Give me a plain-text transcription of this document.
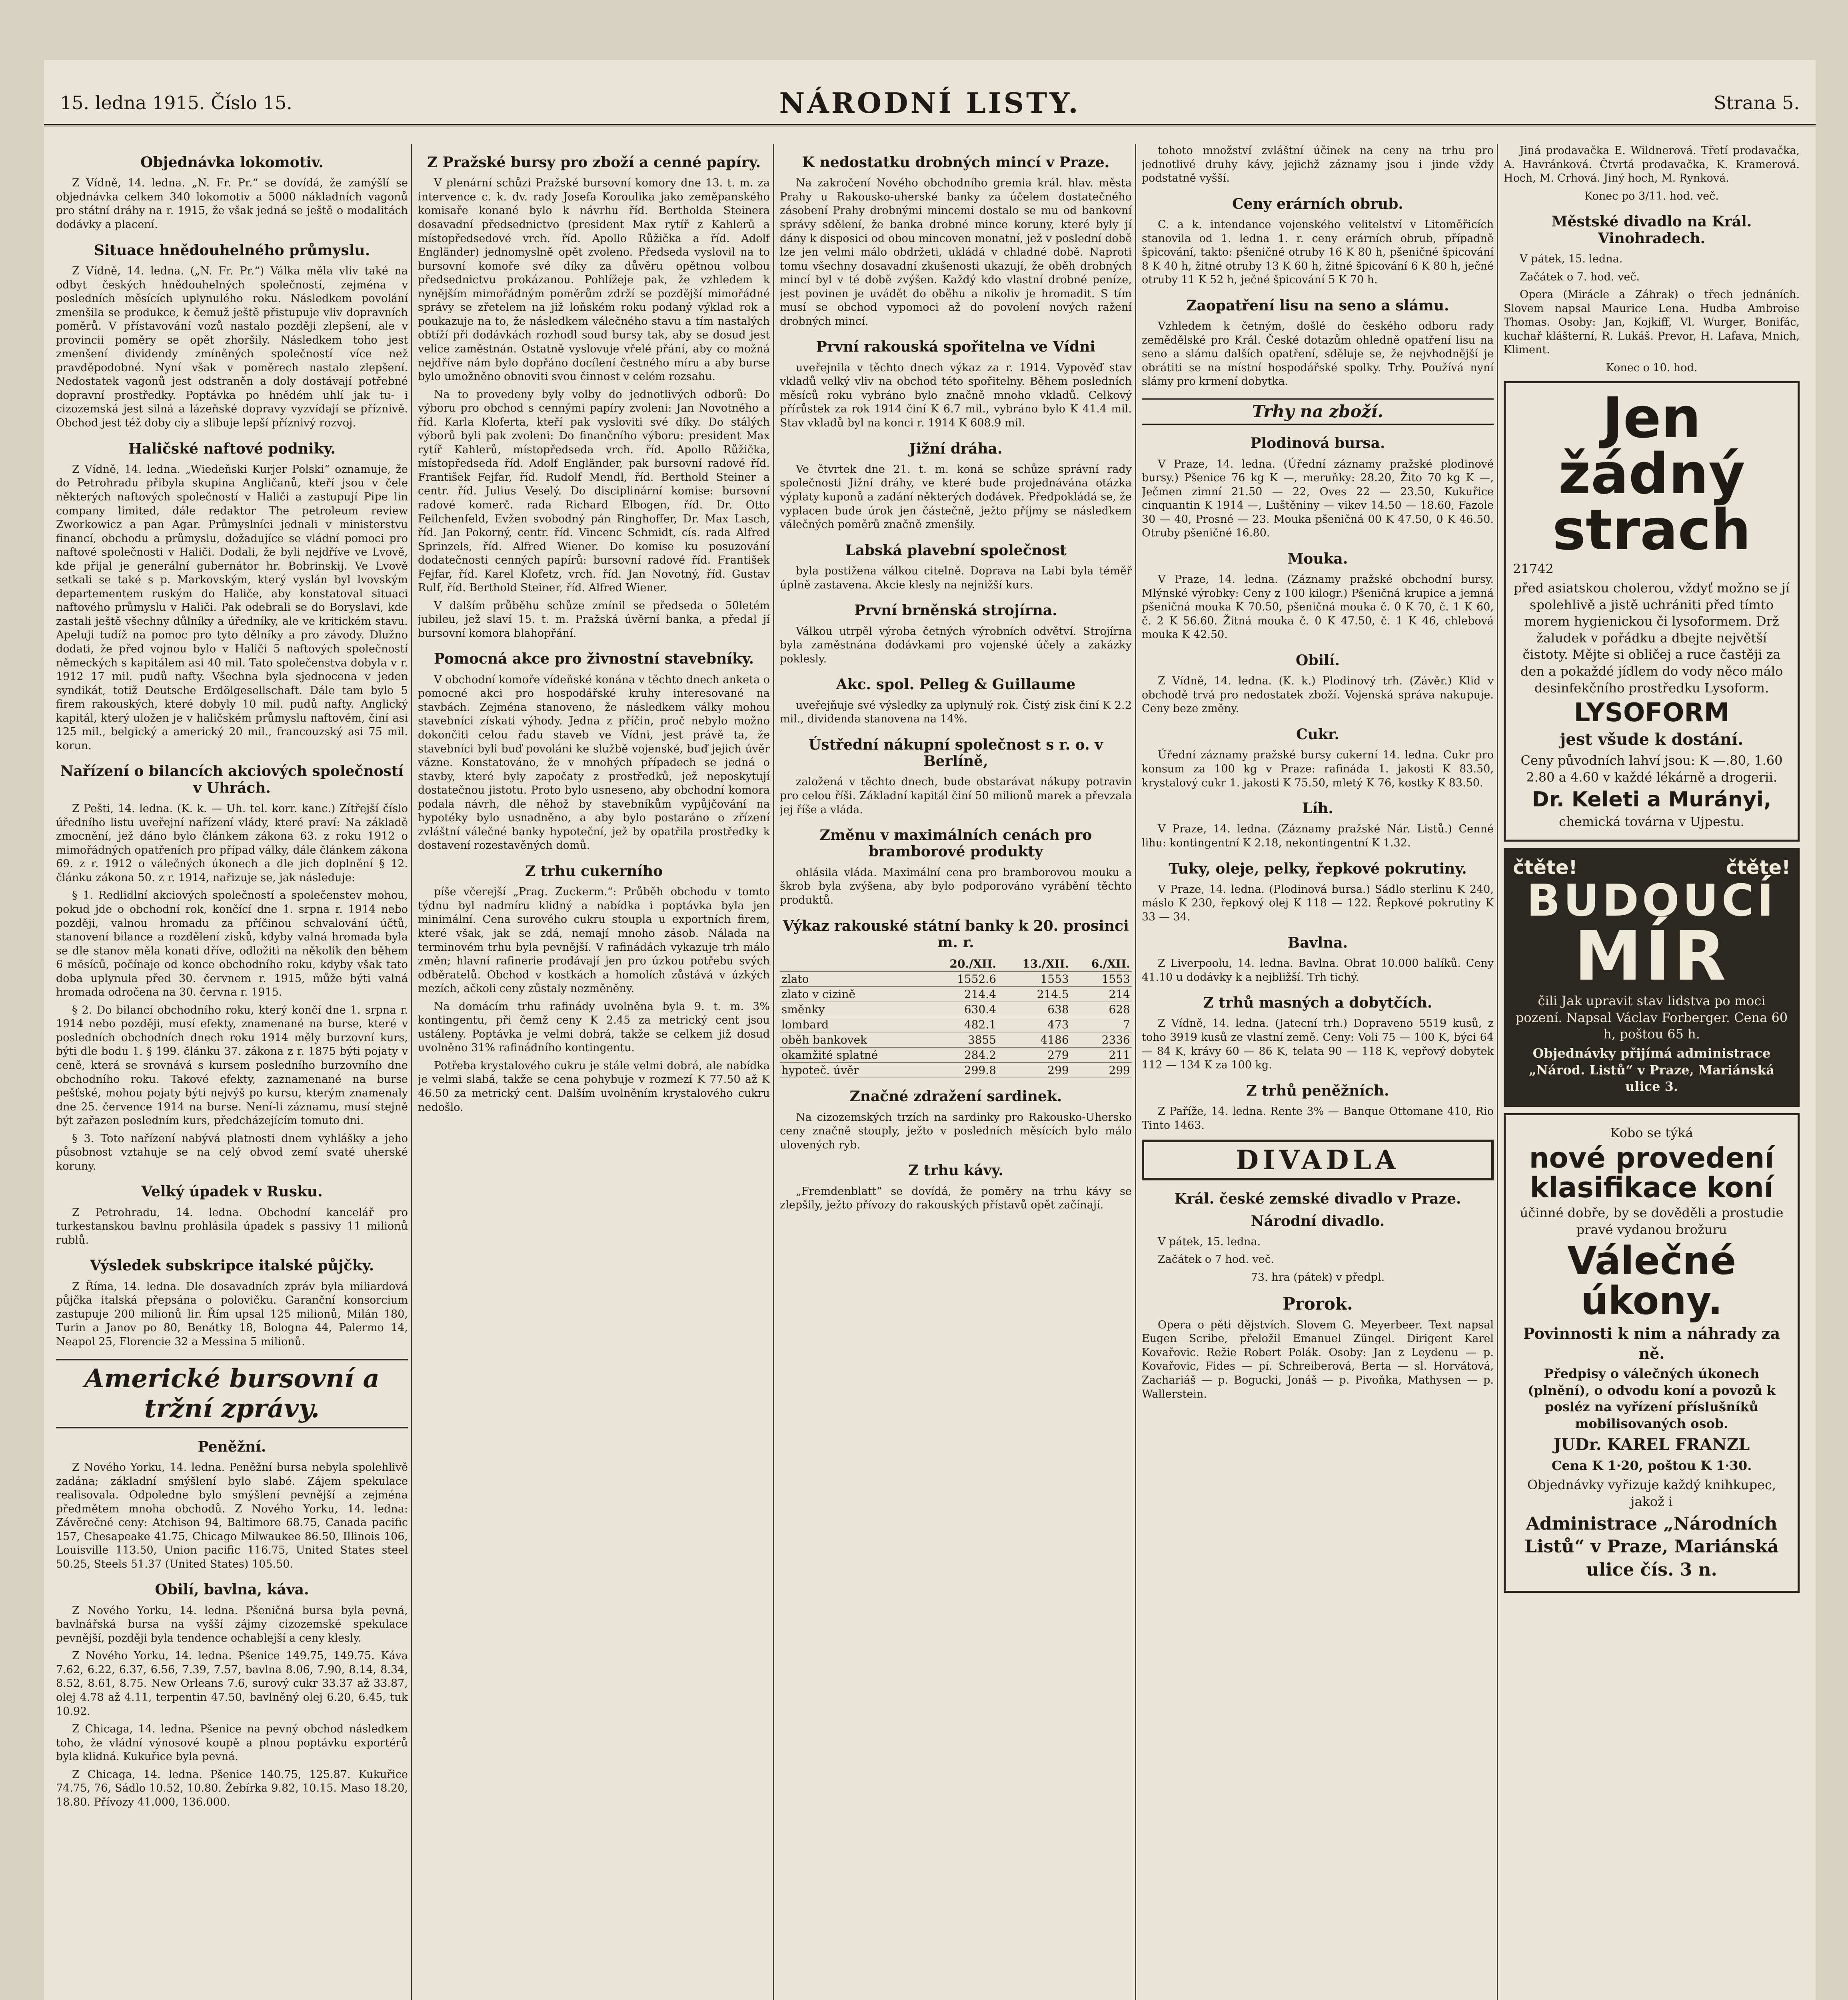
15. ledna 1915. Číslo 15.	NÁRODNÍ LISTY.	Strana 5.
Objednávka lokomotiv.

Z Vídně, 14. ledna. „N. Fr. Pr.“ se dovídá, že zamýšlí se objednávka celkem 340 lokomotiv a 5000 nákladních vagonů pro státní dráhy na r. 1915, že však jedná se ještě o modalitách dodávky a placení.

Situace hnědouhelného průmyslu.

Z Vídně, 14. ledna. („N. Fr. Pr.“) Válka měla vliv také na odbyt českých hnědouhelných společností, zejména v posledních měsících uplynulého roku. Následkem povolání zmenšila se produkce, k čemuž ještě přistupuje vliv dopravních poměrů. V přístavování vozů nastalo později zlepšení, ale v provincii poměry se opět zhoršily. Následkem toho jest zmenšení dividendy zmíněných společností více než pravděpodobné. Nyní však v poměrech nastalo zlepšení. Nedostatek vagonů jest odstraněn a doly dostávají potřebné dopravní prostředky. Poptávka po hnědém uhlí jak tu- i cizozemská jest silná a lázeňské dopravy vyzvídají se příznivě. Obchod jest též doby ciy a slibuje lepší příznivý rozvoj.

Haličské naftové podniky.

Z Vídně, 14. ledna. „Wiedeňski Kurjer Polski“ oznamuje, že do Petrohradu přibyla skupina Angličanů, kteří jsou v čele některých naftových společností v Haliči a zastupují Pipe lin company limited, dále redaktor The petroleum review Zworkowicz a pan Agar. Průmyslníci jednali v ministerstvu financí, obchodu a průmyslu, dožadujíce se vládní pomoci pro naftové společnosti v Haliči. Dodali, že byli nejdříve ve Lvově, kde přijal je generální gubernátor hr. Bobrinskij. Ve Lvově setkali se také s p. Markovským, který vyslán byl lvovským departementem ruským do Haliče, aby konstatoval situaci naftového průmyslu v Haliči. Pak odebrali se do Boryslavi, kde zastali ještě všechny důlníky a úředníky, ale ve kritickém stavu. Apeluji tudíž na pomoc pro tyto dělníky a pro závody. Dlužno dodati, že před vojnou bylo v Haliči 5 naftových společností německých s kapitálem asi 40 mil. Tato společenstva dobyla v r. 1912 17 mil. pudů nafty. Všechna byla sjednocena v jeden syndikát, totiž Deutsche Erdölgesellschaft. Dále tam bylo 5 firem rakouských, které dobyly 10 mil. pudů nafty. Anglický kapitál, který uložen je v haličském průmyslu naftovém, činí asi 125 mil., belgický a americký 20 mil., francouzský asi 75 mil. korun.

Nařízení o bilancích akciových společností v Uhrách.

Z Pešti, 14. ledna. (K. k. — Uh. tel. korr. kanc.) Zítřejší číslo úředního listu uveřejní nařízení vlády, které praví: Na základě zmocnění, jež dáno bylo článkem zákona 63. z roku 1912 o mimořádných opatřeních pro případ války, dále článkem zákona 69. z r. 1912 o válečných úkonech a dle jich doplnění § 12. článku zákona 50. z r. 1914, nařizuje se, jak následuje:

§ 1. Redlidlní akciových společností a společenstev mohou, pokud jde o obchodní rok, končící dne 1. srpna r. 1914 nebo později, valnou hromadu za příčinou schvalování účtů, stanovení bilance a rozdělení zisků, kdyby valná hromada byla se dle stanov měla konati dříve, odložiti na několik den během 6 měsíců, počínaje od konce obchodního roku, kdyby však tato doba uplynula před 30. červnem r. 1915, může býti valná hromada odročena na 30. června r. 1915.

§ 2. Do bilancí obchodního roku, který končí dne 1. srpna r. 1914 nebo později, musí efekty, znamenané na burse, které v posledních obchodních dnech roku 1914 měly burzovní kurs, býti dle bodu 1. § 199. článku 37. zákona z r. 1875 býti pojaty v ceně, která se srovnává s kursem posledního burzovního dne obchodního roku. Takové efekty, zaznamenané na burse pešťské, mohou pojaty býti nejvýš po kursu, kterým znamenaly dne 25. července 1914 na burse. Není-li záznamu, musí stejně být zařazen posledním kurs, předcházejícím tomuto dni.

§ 3. Toto nařízení nabývá platnosti dnem vyhlášky a jeho působnost vztahuje se na celý obvod zemí svaté uherské koruny.

Velký úpadek v Rusku.

Z Petrohradu, 14. ledna. Obchodní kancelář pro turkestanskou bavlnu prohlásila úpadek s passivy 11 milionů rublů.

Výsledek subskripce italské půjčky.

Z Říma, 14. ledna. Dle dosavadních zpráv byla miliardová půjčka italská přepsána o polovičku. Garanční konsorcium zastupuje 200 milionů lir. Řím upsal 125 milionů, Milán 180, Turin a Janov po 80, Benátky 18, Bologna 44, Palermo 14, Neapol 25, Florencie 32 a Messina 5 milionů.

Americké bursovní a tržní zprávy.
Peněžní.

Z Nového Yorku, 14. ledna. Peněžní bursa nebyla spolehlivě zadána; základní smýšlení bylo slabé. Zájem spekulace realisovala. Odpoledne bylo smýšlení pevnější a zejména předmětem mnoha obchodů. Z Nového Yorku, 14. ledna: Závěrečné ceny: Atchison 94, Baltimore 68.75, Canada pacific 157, Chesapeake 41.75, Chicago Milwaukee 86.50, Illinois 106, Louisville 113.50, Union pacific 116.75, United States steel 50.25, Steels 51.37 (United States) 105.50.

Obilí, bavlna, káva.

Z Nového Yorku, 14. ledna. Pšeničná bursa byla pevná, bavlnářská bursa na vyšší zájmy cizozemské spekulace pevnější, později byla tendence ochablejší a ceny klesly.

Z Nového Yorku, 14. ledna. Pšenice 149.75, 149.75. Káva 7.62, 6.22, 6.37, 6.56, 7.39, 7.57, bavlna 8.06, 7.90, 8.14, 8.34, 8.52, 8.61, 8.75. New Orleans 7.6, surový cukr 33.37 až 33.87, olej 4.78 až 4.11, terpentin 47.50, bavlněný olej 6.20, 6.45, tuk 10.92.

Z Chicaga, 14. ledna. Pšenice na pevný obchod následkem toho, že vládní výnosové koupě a plnou poptávku exportérů byla klidná. Kukuřice byla pevná.

Z Chicaga, 14. ledna. Pšenice 140.75, 125.87. Kukuřice 74.75, 76, Sádlo 10.52, 10.80. Žebírka 9.82, 10.15. Maso 18.20, 18.80. Přívozy 41.000, 136.000.

Z Pražské bursy pro zboží a cenné papíry.

V plenární schůzi Pražské bursovní komory dne 13. t. m. za intervence c. k. dv. rady Josefa Koroulika jako zeměpanského komisaře konané bylo k návrhu říd. Bertholda Steinera dosavadní předsednictvo (president Max rytíř z Kahlerů a místopředsedové vrch. říd. Apollo Růžička a říd. Adolf Engländer) jednomyslně opět zvoleno. Předseda vyslovil na to bursovní komoře své díky za důvěru opětnou volbou předsednictvu prokázanou. Pohlížeje pak, že vzhledem k nynějším mimořádným poměrům zdrží se pozdější mimořádné správy se zřetelem na již loňském roku podaný výklad rok a poukazuje na to, že následkem válečného stavu a tím nastalých obtíží při dodávkách rozhodl soud bursy tak, aby se dosud jest velice zaměstnán. Ostatně vyslovuje vřelé přání, aby co možná nejdříve nám bylo dopřáno docílení čestného míru a aby burse bylo umožněno obnoviti svou činnost v celém rozsahu.

Na to provedeny byly volby do jednotlivých odborů: Do výboru pro obchod s cennými papíry zvoleni: Jan Novotného a říd. Karla Kloferta, kteří pak vysloviti své díky. Do stálých výborů byli pak zvoleni: Do finančního výboru: president Max rytíř Kahlerů, místopředseda vrch. říd. Apollo Růžička, místopředseda říd. Adolf Engländer, pak bursovní radové říd. František Fejfar, říd. Rudolf Mendl, říd. Berthold Steiner a centr. říd. Julius Veselý. Do disciplinární komise: bursovní radové komerč. rada Richard Elbogen, říd. Dr. Otto Feilchenfeld, Evžen svobodný pán Ringhoffer, Dr. Max Lasch, říd. Jan Pokorný, centr. říd. Vincenc Schmidt, cís. rada Alfred Sprinzels, říd. Alfred Wiener. Do komise ku posuzování dodatečnosti cenných papírů: bursovní radové říd. František Fejfar, říd. Karel Klofetz, vrch. říd. Jan Novotný, říd. Gustav Rulf, říd. Berthold Steiner, říd. Alfred Wiener.

V dalším průběhu schůze zmínil se předseda o 50letém jubileu, jež slaví 15. t. m. Pražská úvěrní banka, a předal jí bursovní komora blahopřání.

Pomocná akce pro živnostní stavebníky.

V obchodní komoře vídeňské konána v těchto dnech anketa o pomocné akci pro hospodářské kruhy interesované na stavbách. Zejména stanoveno, že následkem války mohou stavebníci získati výhody. Jedna z příčin, proč nebylo možno dokončiti celou řadu staveb ve Vídni, jest právě ta, že stavebníci byli buď povoláni ke službě vojenské, buď jejich úvěr vázne. Konstatováno, že v mnohých případech se jedná o stavby, které byly započaty z prostředků, jež neposkytují dostatečnou jistotu. Proto bylo usneseno, aby obchodní komora podala návrh, dle něhož by stavebníkům vypůjčování na hypotéky bylo usnadněno, a aby bylo postaráno o zřízení zvláštní válečné banky hypoteční, jež by opatřila prostředky k dostavení rozestavěných domů.

Z trhu cukerního

píše včerejší „Prag. Zuckerm.“: Průběh obchodu v tomto týdnu byl nadmíru klidný a nabídka i poptávka byla jen minimální. Cena surového cukru stoupla u exportních firem, které však, jak se zdá, nemají mnoho zásob. Nálada na terminovém trhu byla pevnější. V rafinádách vykazuje trh málo změn; hlavní rafinerie prodávají jen pro úzkou potřebu svých odběratelů. Obchod v kostkách a homolích zůstává v úzkých mezích, ačkoli ceny zůstaly nezměněny.

Na domácím trhu rafinády uvolněna byla 9. t. m. 3% kontingentu, při čemž ceny K 2.45 za metrický cent jsou ustáleny. Poptávka je velmi dobrá, takže se celkem již dosud uvolněno 31% rafinádního kontingentu.

Potřeba krystalového cukru je stále velmi dobrá, ale nabídka je velmi slabá, takže se cena pohybuje v rozmezí K 77.50 až K 46.50 za metrický cent. Dalším uvolněním krystalového cukru nedošlo.

K nedostatku drobných mincí v Praze.

Na zakročení Nového obchodního gremia král. hlav. města Prahy u Rakousko-uherské banky za účelem dostatečného zásobení Prahy drobnými mincemi dostalo se mu od bankovní správy sdělení, že banka drobné mince koruny, které byly jí dány k disposici od obou mincoven monatní, jež v poslední době lze jen velmi málo obdržeti, ukládá v chladné době. Naproti tomu všechny dosavadní zkušenosti ukazují, že oběh drobných mincí byl v té době zvýšen. Každý kdo vlastní drobné peníze, jest povinen je uvádět do oběhu a nikoliv je hromadit. S tím musí se obchod vypomoci až do povolení nových ražení drobných mincí.

První rakouská spořitelna ve Vídni

uveřejnila v těchto dnech výkaz za r. 1914. Vypověď stav vkladů velký vliv na obchod této spořitelny. Během posledních měsíců roku vybráno bylo značně mnoho vkladů. Celkový přírůstek za rok 1914 činí K 6.7 mil., vybráno bylo K 41.4 mil. Stav vkladů byl na konci r. 1914 K 608.9 mil.

Jižní dráha.

Ve čtvrtek dne 21. t. m. koná se schůze správní rady společnosti Jižní dráhy, ve které bude projednávána otázka výplaty kuponů a zadání některých dodávek. Předpokládá se, že vyplacen bude úrok jen částečně, ježto příjmy se následkem válečných poměrů značně zmenšily.

Labská plavební společnost

byla postižena válkou citelně. Doprava na Labi byla téměř úplně zastavena. Akcie klesly na nejnižší kurs.

První brněnská strojírna.

Válkou utrpěl výroba četných výrobních odvětví. Strojírna byla zaměstnána dodávkami pro vojenské účely a zakázky poklesly.

Akc. spol. Pelleg & Guillaume

uveřejňuje své výsledky za uplynulý rok. Čistý zisk činí K 2.2 mil., dividenda stanovena na 14%.

Ústřední nákupní společnost s r. o. v Berlíně,

založená v těchto dnech, bude obstarávat nákupy potravin pro celou říši. Základní kapitál činí 50 milionů marek a převzala jej říše a vláda.

Změnu v maximálních cenách pro bramborové produkty

ohlásila vláda. Maximální cena pro bramborovou mouku a škrob byla zvýšena, aby bylo podporováno vyrábění těchto produktů.

Výkaz rakouské státní banky k 20. prosinci m. r.
	20./XII.	13./XII.	6./XII.
zlato	1552.6	1553	1553
zlato v cizině	214.4	214.5	214
směnky	630.4	638	628
lombard	482.1	473	7
oběh bankovek	3855	4186	2336
okamžité splatné	284.2	279	211
hypoteč. úvěr	299.8	299	299
Značné zdražení sardinek.

Na cizozemských trzích na sardinky pro Rakousko-Uhersko ceny značně stouply, ježto v posledních měsících bylo málo ulovených ryb.

Z trhu kávy.

„Fremdenblatt“ se dovídá, že poměry na trhu kávy se zlepšily, ježto přívozy do rakouských přístavů opět začínají.

tohoto množství zvláštní účinek na ceny na trhu pro jednotlivé druhy kávy, jejichž záznamy jsou i jinde vždy podstatně vyšší.

Ceny erárních obrub.

C. a k. intendance vojenského velitelství v Litoměřicích stanovila od 1. ledna 1. r. ceny erárních obrub, případně špicování, takto: pšeničné otruby 16 K 80 h, pšeničné špicování 8 K 40 h, žitné otruby 13 K 60 h, žitné špicování 6 K 80 h, ječné otruby 11 K 52 h, ječné špicování 5 K 70 h.

Zaopatření lisu na seno a slámu.

Vzhledem k četným, došlé do českého odboru rady zemědělské pro Král. České dotazům ohledně opatření lisu na seno a slámu dalších opatření, sděluje se, že nejvhodnější je obrátiti se na místní hospodářské spolky. Trhy. Používá nyní slámy pro krmení dobytka.

Trhy na zboží.
Plodinová bursa.

V Praze, 14. ledna. (Úřední záznamy pražské plodinové bursy.) Pšenice 76 kg K —, meruňky: 28.20, Žito 70 kg K —, Ječmen zimní 21.50 — 22, Oves 22 — 23.50, Kukuřice cinquantin K 1914 —, Luštěniny — vikev 14.50 — 18.60, Fazole 30 — 40, Prosné — 23. Mouka pšeničná 00 K 47.50, 0 K 46.50. Otruby pšeničné 16.80.

Mouka.

V Praze, 14. ledna. (Záznamy pražské obchodní bursy. Mlýnské výrobky: Ceny z 100 kilogr.) Pšeničná krupice a jemná pšeničná mouka K 70.50, pšeničná mouka č. 0 K 70, č. 1 K 60, č. 2 K 56.60. Žitná mouka č. 0 K 47.50, č. 1 K 46, chlebová mouka K 42.50.

Obilí.

Z Vídně, 14. ledna. (K. k.) Plodinový trh. (Závěr.) Klid v obchodě trvá pro nedostatek zboží. Vojenská správa nakupuje. Ceny beze změny.

Cukr.

Úřední záznamy pražské bursy cukerní 14. ledna. Cukr pro konsum za 100 kg v Praze: rafináda 1. jakosti K 83.50, krystalový cukr 1. jakosti K 75.50, mletý K 76, kostky K 83.50.

Líh.

V Praze, 14. ledna. (Záznamy pražské Nár. Listů.) Cenné lihu: kontingentní K 2.18, nekontingentní K 1.32.

Tuky, oleje, pelky, řepkové pokrutiny.

V Praze, 14. ledna. (Plodinová bursa.) Sádlo sterlinu K 240, máslo K 230, řepkový olej K 118 — 122. Řepkové pokrutiny K 33 — 34.

Bavlna.

Z Liverpoolu, 14. ledna. Bavlna. Obrat 10.000 balíků. Ceny 41.10 u dodávky k a nejbližší. Trh tichý.

Z trhů masných a dobytčích.

Z Vídně, 14. ledna. (Jatecní trh.) Dopraveno 5519 kusů, z toho 3919 kusů ze vlastní země. Ceny: Voli 75 — 100 K, býci 64 — 84 K, krávy 60 — 86 K, telata 90 — 118 K, vepřový dobytek 112 — 134 K za 100 kg.

Z trhů peněžních.

Z Paříže, 14. ledna. Rente 3% — Banque Ottomane 410, Rio Tinto 1463.

DIVADLA
Král. české zemské divadlo v Praze.
Národní divadlo.

V pátek, 15. ledna.

Začátek o 7 hod. več.

73. hra (pátek) v předpl.

Prorok.

Opera o pěti dějstvích. Slovem G. Meyerbeer. Text napsal Eugen Scribe, přeložil Emanuel Züngel. Dirigent Karel Kovařovic. Režie Robert Polák. Osoby: Jan z Leydenu — p. Kovařovic, Fides — pí. Schreiberová, Berta — sl. Horvátová, Zachariáš — p. Bogucki, Jonáš — p. Pivoňka, Mathysen — p. Wallerstein.

Jiná prodavačka E. Wildnerová. Třetí prodavačka, A. Havránková. Čtvrtá prodavačka, K. Kramerová. Hoch, M. Crhová. Jiný hoch, M. Rynková.

Konec po 3/11. hod. več.

Městské divadlo na Král. Vinohradech.

V pátek, 15. ledna.

Začátek o 7. hod. več.

Opera (Mirácle a Záhrak) o třech jednáních. Slovem napsal Maurice Lena. Hudba Ambroise Thomas. Osoby: Jan, Kojkiff, Vl. Wurger, Bonifác, kuchař klášterní, R. Lukáš. Prevor, H. Lafava, Mnich, Kliment.

Konec o 10. hod.

Jen
žádný
strach

21742

před asiatskou cholerou, vždyť možno se jí spolehlivě a jistě uchrániti před tímto morem hygienickou či lysoformem. Drž žaludek v pořádku a dbejte největší čistoty. Mějte si obličej a ruce častěji za den a pokaždé jídlem do vody něco málo desinfekčního prostředku Lysoform.

LYSOFORM

jest všude k dostání.

Ceny původních lahví jsou: K —.80, 1.60 2.80 a 4.60 v každé lékárně a drogerii.

Dr. Keleti a Murányi,

chemická továrna v Ujpestu.

čtěte!	čtěte!
BUDOUCÍ
MÍR

čili Jak upravit stav lidstva po moci pození. Napsal Václav Forberger. Cena 60 h, poštou 65 h.

Objednávky přijímá administrace „Národ. Listů“ v Praze, Mariánská ulice 3.

Kobo se týká

nové provedení
klasifikace koní

účinné dobře, by se dověděli a prostudie pravé vydanou brožuru

Válečné úkony.

Povinnosti k nim a náhrady za ně.

Předpisy o válečných úkonech (plnění), o odvodu koní a povozů k posléz na vyřízení příslušníků mobilisovaných osob.

JUDr. KAREL FRANZL

Cena K 1·20, poštou K 1·30.

Objednávky vyřizuje každý knihkupec, jakož i

Administrace „Národních Listů“ v Praze, Mariánská ulice čís. 3 n.
